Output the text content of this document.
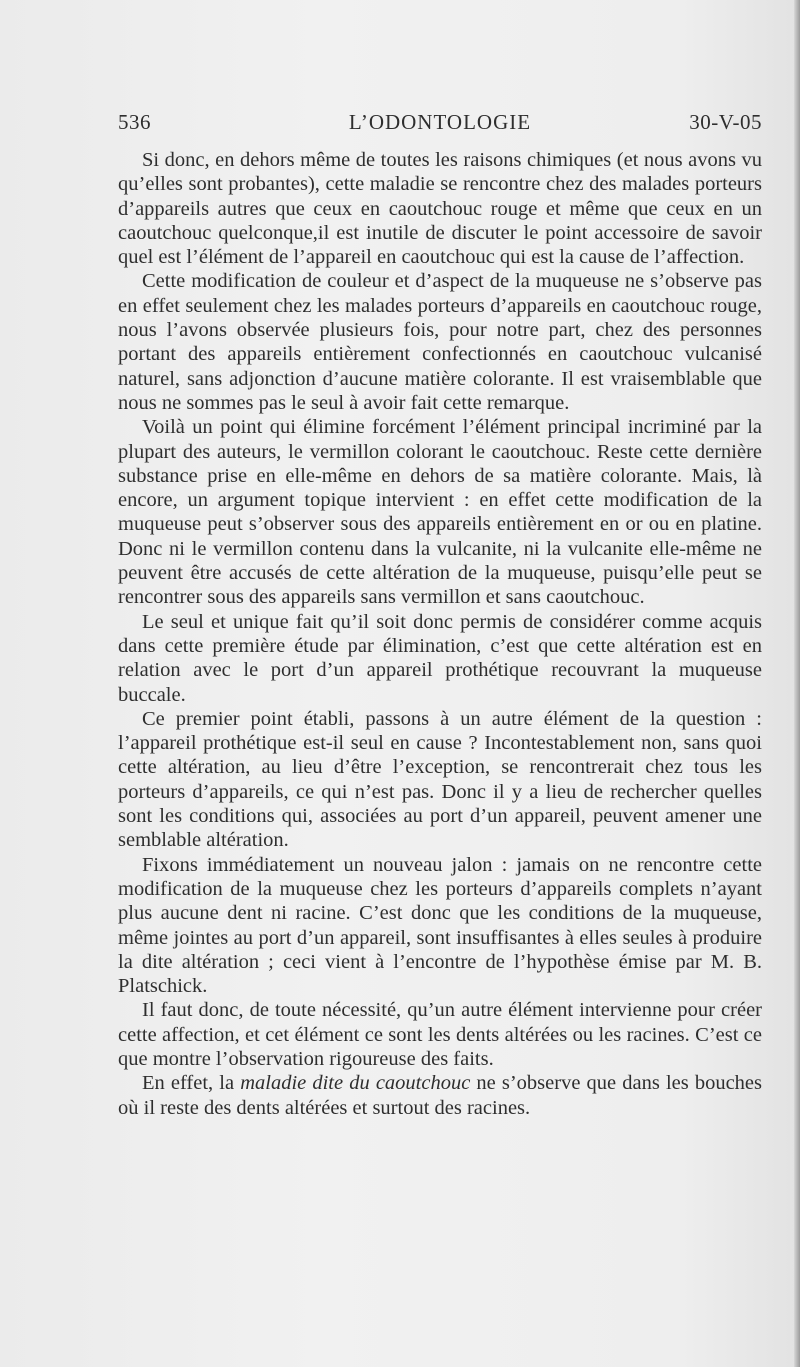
536	L’ODONTOLOGIE	30-V-05

Si donc, en dehors même de toutes les raisons chimiques (et nous avons vu qu’elles sont probantes), cette maladie se rencontre chez des malades porteurs d’appareils autres que ceux en caoutchouc rouge et même que ceux en un caoutchouc quelconque,il est inutile de discuter le point accessoire de savoir quel est l’élément de l’appareil en caoutchouc qui est la cause de l’affection.

Cette modification de couleur et d’aspect de la muqueuse ne s’observe pas en effet seulement chez les malades porteurs d’appareils en caoutchouc rouge, nous l’avons observée plusieurs fois, pour notre part, chez des personnes portant des appareils entièrement confectionnés en caoutchouc vulcanisé naturel, sans adjonction d’aucune matière colorante. Il est vraisemblable que nous ne sommes pas le seul à avoir fait cette remarque.

Voilà un point qui élimine forcément l’élément principal incriminé par la plupart des auteurs, le vermillon colorant le caoutchouc. Reste cette dernière substance prise en elle-même en dehors de sa matière colorante. Mais, là encore, un argument topique intervient : en effet cette modification de la muqueuse peut s’observer sous des appareils entièrement en or ou en platine. Donc ni le vermillon contenu dans la vulcanite, ni la vulcanite elle-même ne peuvent être accusés de cette altération de la muqueuse, puisqu’elle peut se rencontrer sous des appareils sans vermillon et sans caoutchouc.

Le seul et unique fait qu’il soit donc permis de considérer comme acquis dans cette première étude par élimination, c’est que cette altération est en relation avec le port d’un appareil prothétique recouvrant la muqueuse buccale.

Ce premier point établi, passons à un autre élément de la question : l’appareil prothétique est-il seul en cause ? Incontestablement non, sans quoi cette altération, au lieu d’être l’exception, se rencontrerait chez tous les porteurs d’appareils, ce qui n’est pas. Donc il y a lieu de rechercher quelles sont les conditions qui, associées au port d’un appareil, peuvent amener une semblable altération.

Fixons immédiatement un nouveau jalon : jamais on ne rencontre cette modification de la muqueuse chez les porteurs d’appareils complets n’ayant plus aucune dent ni racine. C’est donc que les conditions de la muqueuse, même jointes au port d’un appareil, sont insuffisantes à elles seules à produire la dite altération ; ceci vient à l’encontre de l’hypothèse émise par M. B. Platschick.

Il faut donc, de toute nécessité, qu’un autre élément intervienne pour créer cette affection, et cet élément ce sont les dents altérées ou les racines. C’est ce que montre l’observation rigoureuse des faits.

En effet, la maladie dite du caoutchouc ne s’observe que dans les bouches où il reste des dents altérées et surtout des racines.
